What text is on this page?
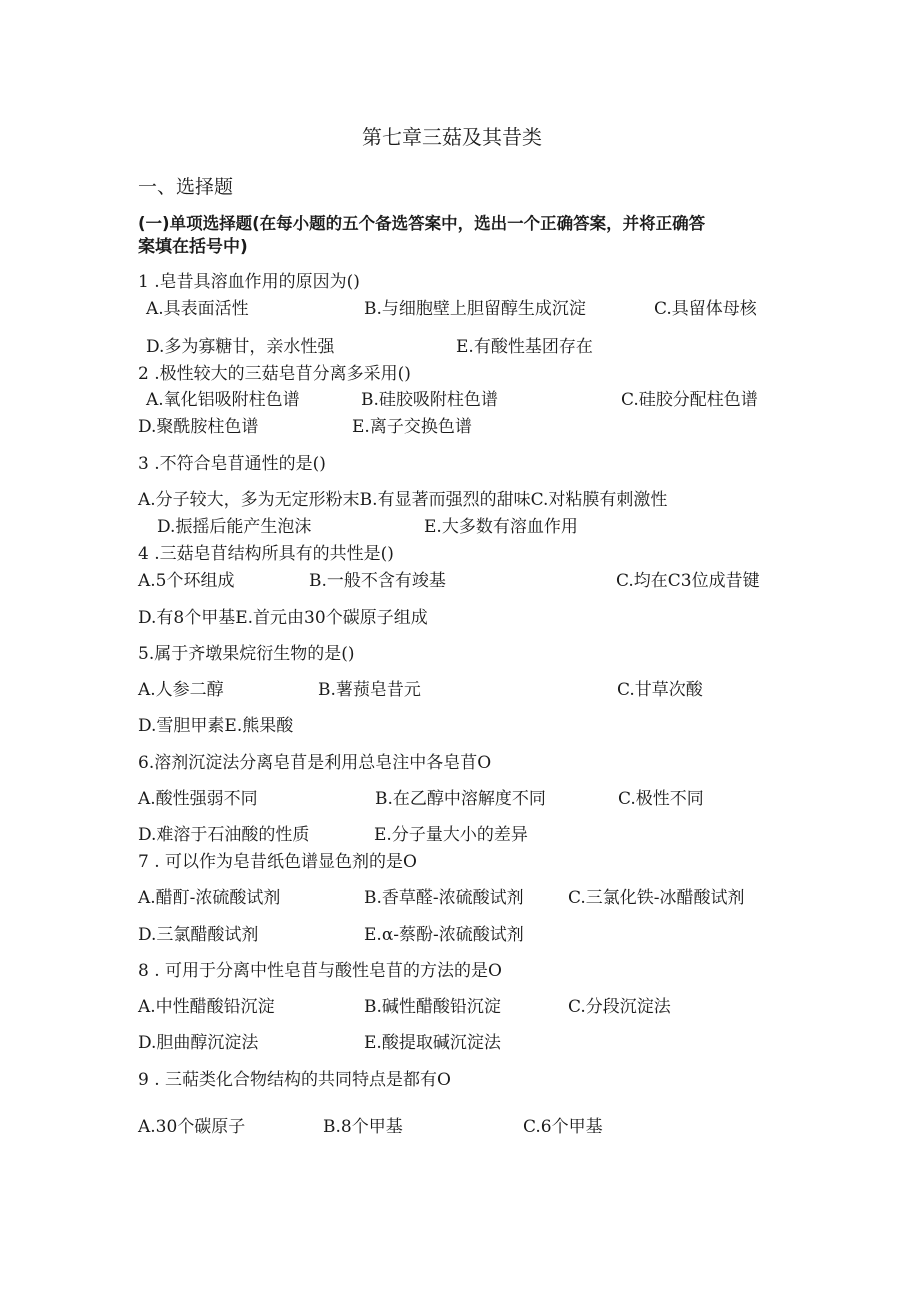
第七章三菇及其昔类
一、选择题
(一)单项选择题(在每小题的五个备选答案中，选出一个正确答案，并将正确答
案填在括号中)
1 .皂昔具溶血作用的原因为()
A.具表面活性	B.与细胞壁上胆留醇生成沉淀	C.具留体母核
D.多为寡糖甘，亲水性强	E.有酸性基团存在
2 .极性较大的三菇皂苜分离多采用()
A.氧化铝吸附柱色谱	B.硅胶吸附柱色谱	C.硅胶分配柱色谱
D.聚酰胺柱色谱	E.离子交换色谱
3 .不符合皂苜通性的是()
A.分子较大，多为无定形粉末B.有显著而强烈的甜味C.对粘膜有刺激性
D.振摇后能产生泡沫	E.大多数有溶血作用
4 .三菇皂苜结构所具有的共性是()
A.5个环组成	B.一般不含有竣基	C.均在C3位成昔键
D.有8个甲基E.首元由30个碳原子组成
5.属于齐墩果烷衍生物的是()
A.人参二醇	B.薯蓣皂昔元	C.甘草次酸
D.雪胆甲素E.熊果酸
6.溶剂沉淀法分离皂苜是利用总皂注中各皂苜O
A.酸性强弱不同	B.在乙醇中溶解度不同	C.极性不同
D.难溶于石油酸的性质	E.分子量大小的差异
7 . 可以作为皂昔纸色谱显色剂的是O
A.醋酊-浓硫酸试剂	B.香草醛-浓硫酸试剂	C.三氯化铁-冰醋酸试剂
D.三氯醋酸试剂	E.α-蔡酚-浓硫酸试剂
8 . 可用于分离中性皂苜与酸性皂苜的方法的是O
A.中性醋酸铅沉淀	B.碱性醋酸铅沉淀	C.分段沉淀法
D.胆曲醇沉淀法	E.酸提取碱沉淀法
9 . 三萜类化合物结构的共同特点是都有O
A.30个碳原子	B.8个甲基	C.6个甲基
